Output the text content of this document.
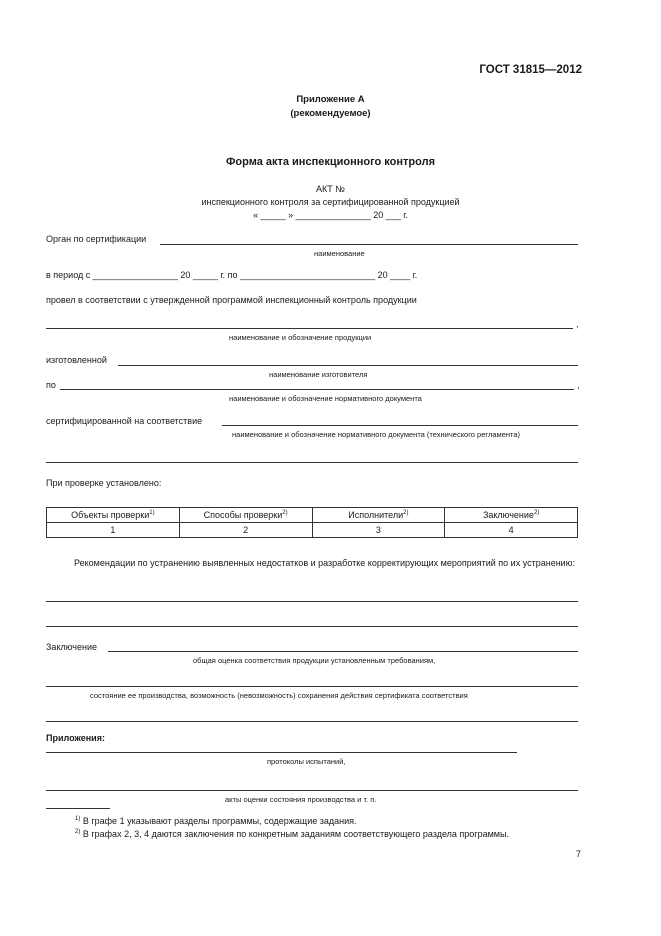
ГОСТ 31815—2012
Приложение А
(рекомендуемое)
Форма акта инспекционного контроля
АКТ №
инспекционного контроля за сертифицированной продукцией
« _____ » _______________ 20 ___ г.
Орган по сертификации
наименование
в период с _________________ 20 _____ г. по ___________________________ 20 ____ г.
провел в соответствии с утвержденной программой инспекционный контроль продукции
,
наименование и обозначение продукции
изготовленной
наименование изготовителя
по	,
наименование и обозначение нормативного документа
сертифицированной на соответствие
наименование и обозначение нормативного документа (технического регламента)
При проверке установлено:
Объекты проверки$^{1)}$	Способы проверки$^{2)}$	Исполнители$^{2)}$	Заключение$^{2)}$
1	2	3	4
Рекомендации по устранению выявленных недостатков и разработке корректирующих мероприятий по их устранению:
Заключение
общая оценка соответствия продукции установленным требованиям,
состояние ее производства, возможность (невозможность) сохранения действия сертификата соответствия
Приложения:
протоколы испытаний,
акты оценки состояния производства и т. п.
$^{1)}$ В графе 1 указывают разделы программы, содержащие задания.
$^{2)}$ В графах 2, 3, 4 даются заключения по конкретным заданиям соответствующего раздела программы.
7
